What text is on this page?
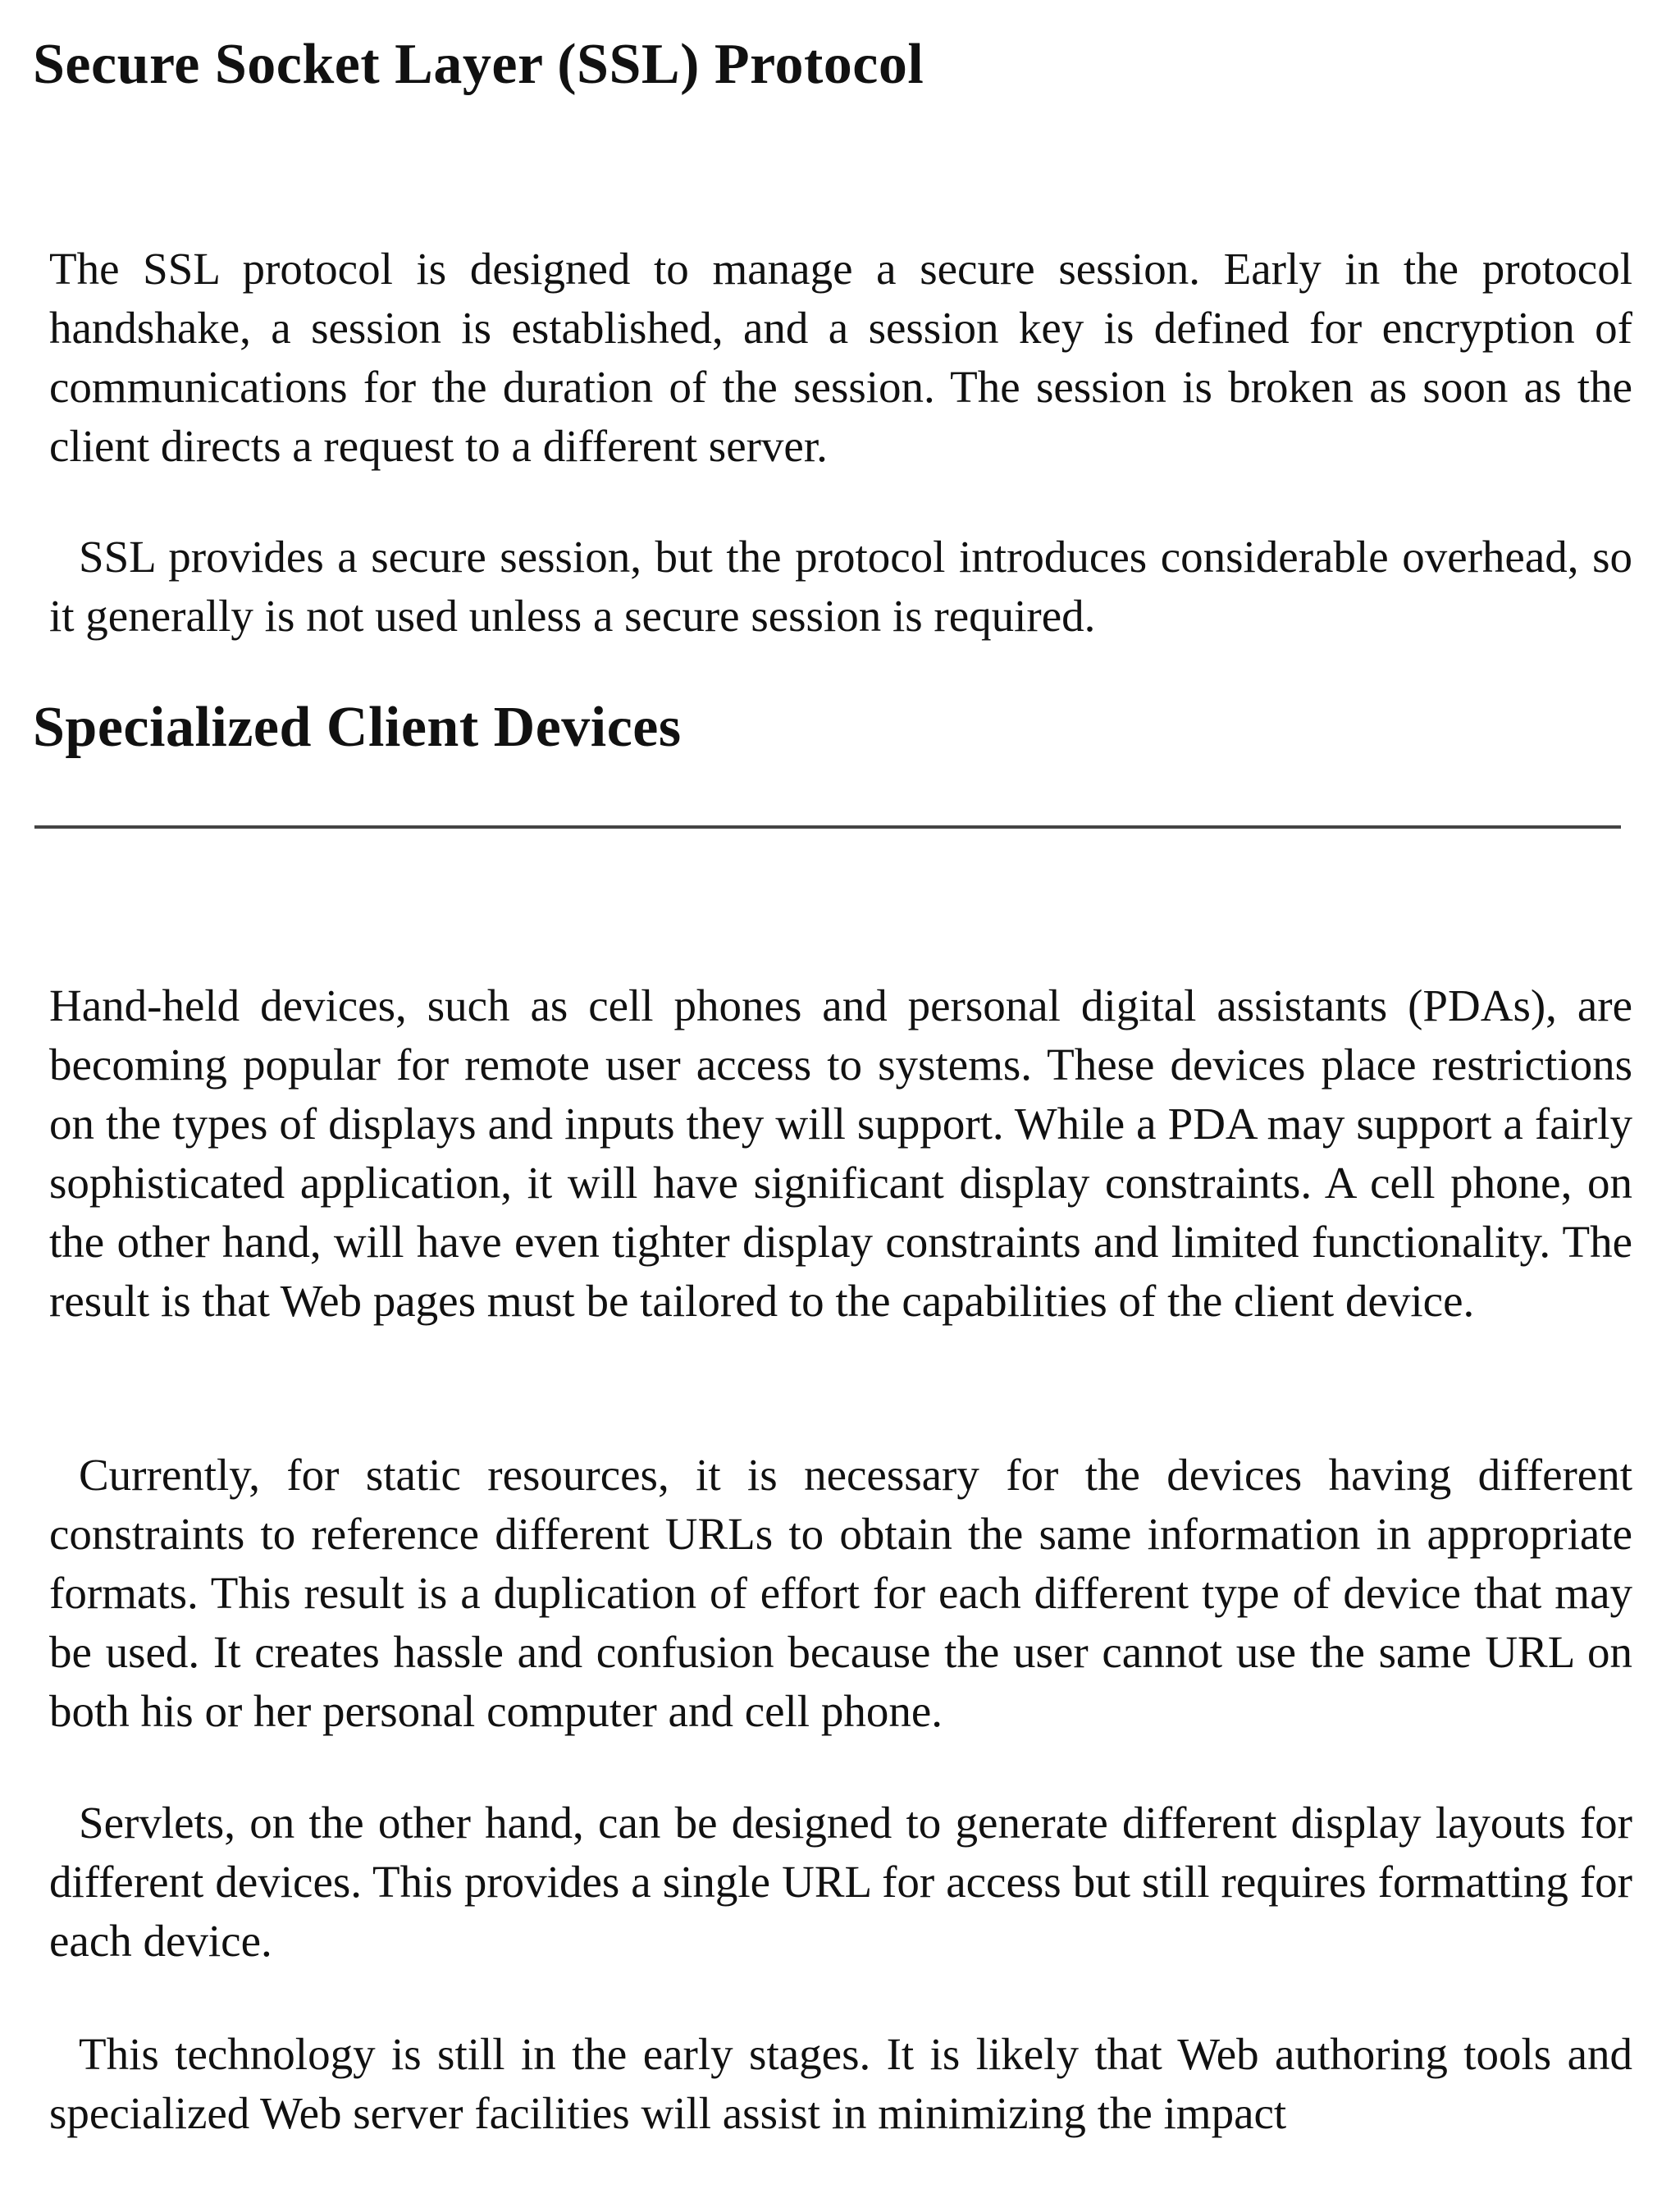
Secure Socket Layer (SSL) Protocol

The SSL protocol is designed to manage a secure session. Early in the protocol handshake, a session is established, and a session key is defined for encryption of communications for the duration of the session. The session is broken as soon as the client directs a request to a different server.

SSL provides a secure session, but the protocol introduces considerable overhead, so it generally is not used unless a secure session is required.

Specialized Client Devices

Hand-held devices, such as cell phones and personal digital assistants (PDAs), are becoming popular for remote user access to systems. These devices place restrictions on the types of displays and inputs they will support. While a PDA may support a fairly sophisticated application, it will have significant display constraints. A cell phone, on the other hand, will have even tighter display constraints and limited functionality. The result is that Web pages must be tailored to the capabilities of the client device.

Currently, for static resources, it is necessary for the devices having different constraints to reference different URLs to obtain the same information in appropriate formats. This result is a duplication of effort for each different type of device that may be used. It creates hassle and confusion because the user cannot use the same URL on both his or her personal computer and cell phone.

Servlets, on the other hand, can be designed to generate different display layouts for different devices. This provides a single URL for access but still requires formatting for each device.

This technology is still in the early stages. It is likely that Web authoring tools and specialized Web server facilities will assist in minimizing the impact
